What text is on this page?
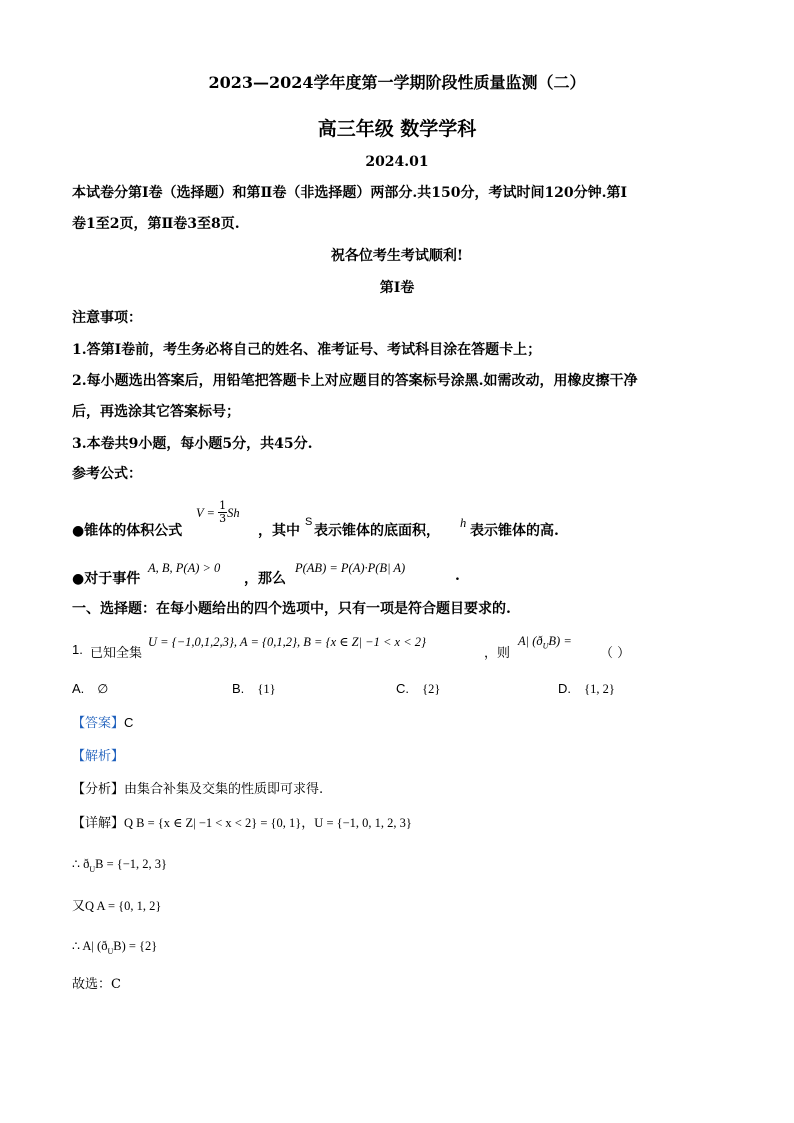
2023—2024学年度第一学期阶段性质量监测（二）
高三年级 数学学科
2024.01
本试卷分第Ⅰ卷（选择题）和第Ⅱ卷（非选择题）两部分.共150分，考试时间120分钟.第Ⅰ
卷1至2页，第Ⅱ卷3至8页.
祝各位考生考试顺利!
第Ⅰ卷
注意事项：
1.答第Ⅰ卷前，考生务必将自己的姓名、准考证号、考试科目涂在答题卡上；
2.每小题选出答案后，用铅笔把答题卡上对应题目的答案标号涂黑.如需改动，用橡皮擦干净
后，再选涂其它答案标号；
3.本卷共9小题，每小题5分，共45分.
参考公式：
●锥体的体积公式
$V = \frac{1}{3}$ Sh
，其中
S
表示锥体的底面积， h 表示锥体的高.
●对于事件
A, B, P(A) > 0
，那么
P(AB) = P(A)·P(B| A)	.
一、选择题：在每小题给出的四个选项中，只有一项是符合题目要求的.
1. 已知全集
U = {−1,0,1,2,3}, A = {0,1,2}, B = {x ∈ Z| −1 < x < 2}
，则
A| $(ð_UB)$ =
（ ）
A. ∅	B. {1}	C. {2}	D. {1, 2}
【答案】C
【解析】
【分析】由集合补集及交集的性质即可求得.
【详解】Q B = {x ∈ Z| −1 < x < 2} = {0, 1}，U = {−1, 0, 1, 2, 3}
∴ $ð_UB = \{-1$, 2, 3}
又Q A = {0, 1, 2}
∴ A| $(ð_UB) = \{2\}$
故选：C
